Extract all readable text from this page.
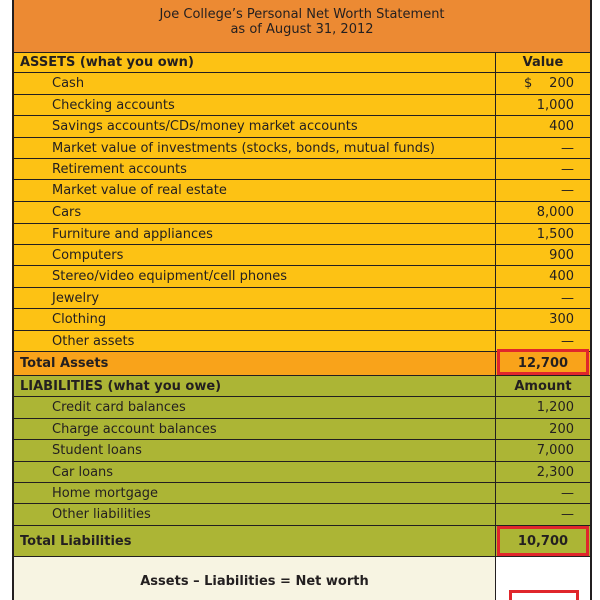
Joe College’s Personal Net Worth Statement
as of August 31, 2012
ASSETS (what you own)	Value
Cash	$ 200
Checking accounts	1,000
Savings accounts/CDs/money market accounts	400
Market value of investments (stocks, bonds, mutual funds)	—
Retirement accounts	—
Market value of real estate	—
Cars	8,000
Furniture and appliances	1,500
Computers	900
Stereo/video equipment/cell phones	400
Jewelry	—
Clothing	300
Other assets	—
Total Assets	12,700
LIABILITIES (what you owe)	Amount
Credit card balances	1,200
Charge account balances	200
Student loans	7,000
Car loans	2,300
Home mortgage	—
Other liabilities	—
Total Liabilities	10,700
Assets – Liabilities = Net worth
